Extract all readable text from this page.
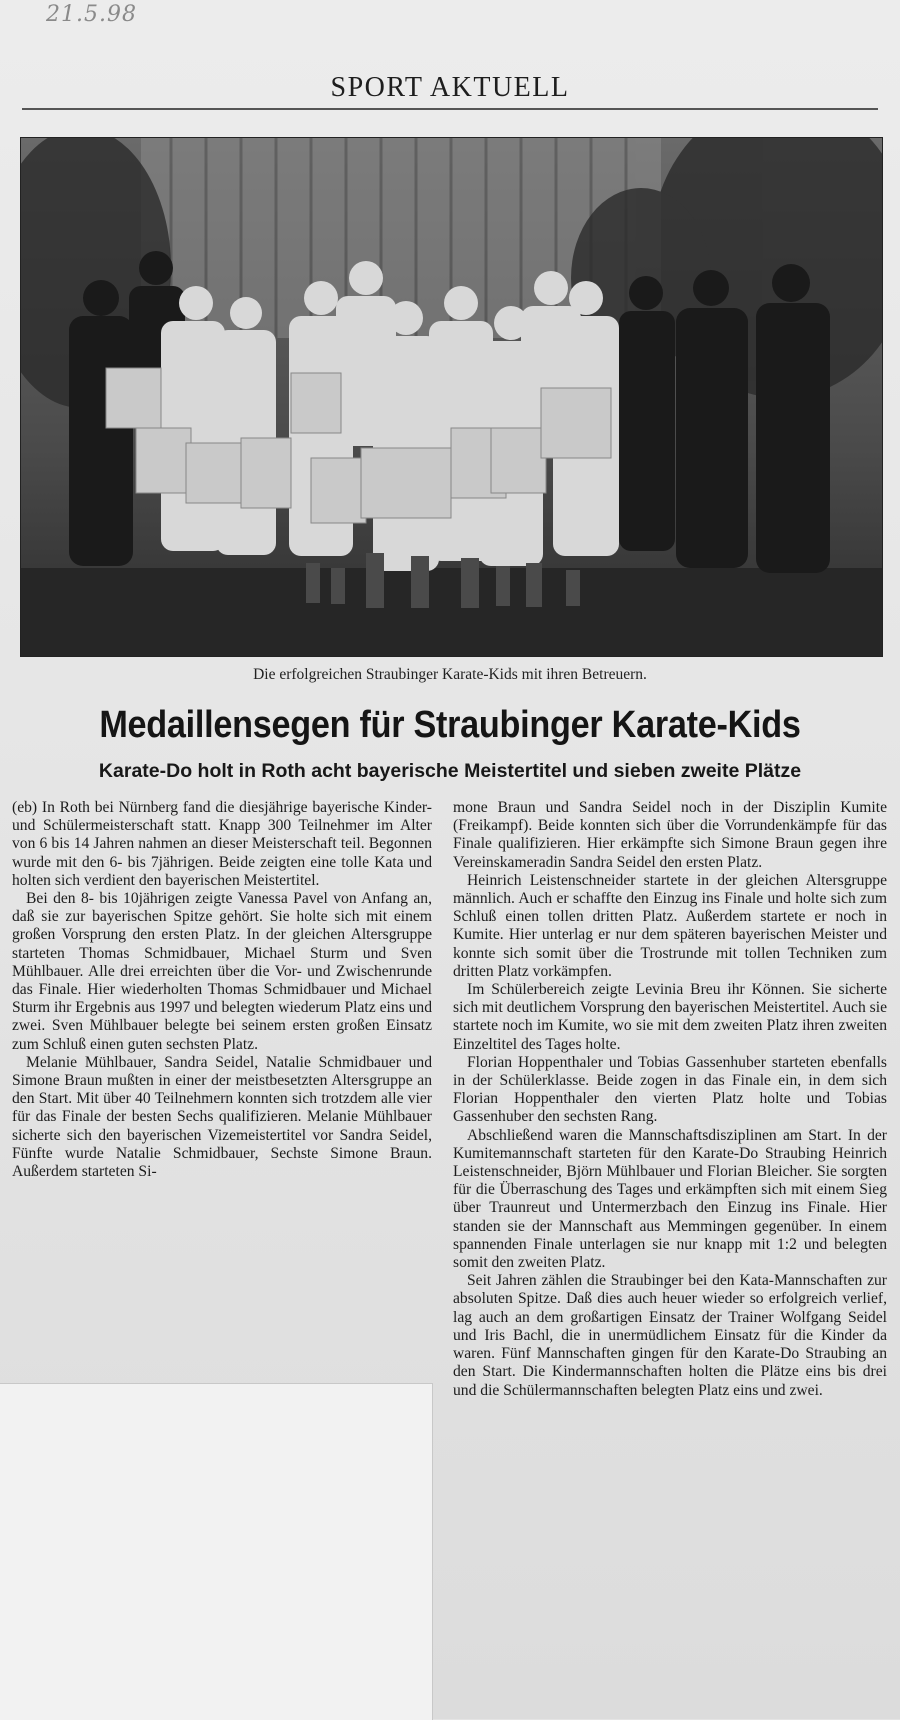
21.5.98
SPORT AKTUELL
Die erfolgreichen Straubinger Karate-Kids mit ihren Betreuern.
Medaillensegen für Straubinger Karate-Kids
Karate-Do holt in Roth acht bayerische Meistertitel und sieben zweite Plätze

(eb) In Roth bei Nürnberg fand die diesjährige bayerische Kinder- und Schülermeisterschaft statt. Knapp 300 Teilnehmer im Alter von 6 bis 14 Jahren nahmen an dieser Meisterschaft teil. Begonnen wurde mit den 6- bis 7jährigen. Beide zeigten eine tolle Kata und holten sich verdient den bayerischen Meistertitel.

Bei den 8- bis 10jährigen zeigte Vanessa Pavel von Anfang an, daß sie zur bayerischen Spitze gehört. Sie holte sich mit einem großen Vorsprung den ersten Platz. In der gleichen Altersgruppe starteten Thomas Schmidbauer, Michael Sturm und Sven Mühlbauer. Alle drei erreichten über die Vor- und Zwischenrunde das Finale. Hier wiederholten Thomas Schmidbauer und Michael Sturm ihr Ergebnis aus 1997 und belegten wiederum Platz eins und zwei. Sven Mühlbauer belegte bei seinem ersten großen Einsatz zum Schluß einen guten sechsten Platz.

Melanie Mühlbauer, Sandra Seidel, Natalie Schmidbauer und Simone Braun mußten in einer der meistbesetzten Altersgruppe an den Start. Mit über 40 Teilnehmern konnten sich trotzdem alle vier für das Finale der besten Sechs qualifizieren. Melanie Mühlbauer sicherte sich den bayerischen Vizemeistertitel vor Sandra Seidel, Fünfte wurde Natalie Schmidbauer, Sechste Simone Braun. Außerdem starteten Si-

mone Braun und Sandra Seidel noch in der Disziplin Kumite (Freikampf). Beide konnten sich über die Vorrundenkämpfe für das Finale qualifizieren. Hier erkämpfte sich Simone Braun gegen ihre Vereinskameradin Sandra Seidel den ersten Platz.

Heinrich Leistenschneider startete in der gleichen Altersgruppe männlich. Auch er schaffte den Einzug ins Finale und holte sich zum Schluß einen tollen dritten Platz. Außerdem startete er noch in Kumite. Hier unterlag er nur dem späteren bayerischen Meister und konnte sich somit über die Trostrunde mit tollen Techniken zum dritten Platz vorkämpfen.

Im Schülerbereich zeigte Levinia Breu ihr Können. Sie sicherte sich mit deutlichem Vorsprung den bayerischen Meistertitel. Auch sie startete noch im Kumite, wo sie mit dem zweiten Platz ihren zweiten Einzeltitel des Tages holte.

Florian Hoppenthaler und Tobias Gassenhuber starteten ebenfalls in der Schülerklasse. Beide zogen in das Finale ein, in dem sich Florian Hoppenthaler den vierten Platz holte und Tobias Gassenhuber den sechsten Rang.

Abschließend waren die Mannschaftsdisziplinen am Start. In der Kumitemannschaft starteten für den Karate-Do Straubing Heinrich Leistenschneider, Björn Mühlbauer und Florian Bleicher. Sie sorgten für die Überraschung des Tages und erkämpften sich mit einem Sieg über Traunreut und Untermerzbach den Einzug ins Finale. Hier standen sie der Mannschaft aus Memmingen gegenüber. In einem spannenden Finale unterlagen sie nur knapp mit 1:2 und belegten somit den zweiten Platz.

Seit Jahren zählen die Straubinger bei den Kata-Mannschaften zur absoluten Spitze. Daß dies auch heuer wieder so erfolgreich verlief, lag auch an dem großartigen Einsatz der Trainer Wolfgang Seidel und Iris Bachl, die in unermüdlichem Einsatz für die Kinder da waren. Fünf Mannschaften gingen für den Karate-Do Straubing an den Start. Die Kindermannschaften holten die Plätze eins bis drei und die Schülermannschaften belegten Platz eins und zwei.
